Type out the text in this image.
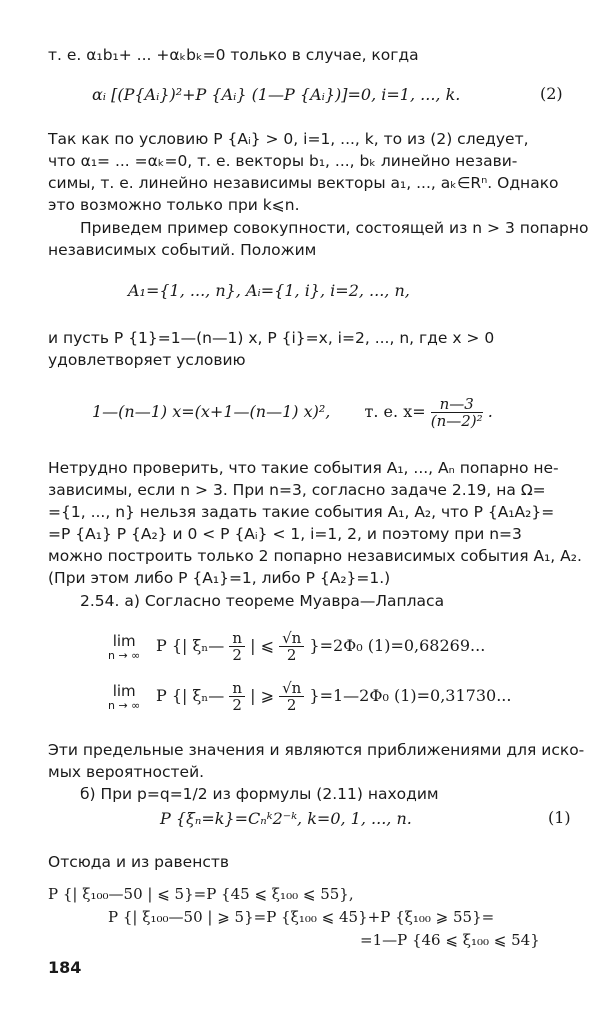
т. е. α₁b₁+ ... +αₖbₖ=0 только в случае, когда
αᵢ [(P{Aᵢ})²+P {Aᵢ} (1—P {Aᵢ})]=0, i=1, ..., k.	(2)
Так как по условию P {Aᵢ} > 0, i=1, ..., k, то из (2) следует,
что α₁= ... =αₖ=0, т. е. векторы b₁, ..., bₖ линейно незави-
симы, т. е. линейно независимы векторы a₁, ..., aₖ∈Rⁿ. Однако
это возможно только при k⩽n.
Приведем пример совокупности, состоящей из n > 3 попарно
независимых событий. Положим
A₁={1, ..., n}, Aᵢ={1, i}, i=2, ..., n,
и пусть P {1}=1—(n—1) x, P {i}=x, i=2, ..., n, где x > 0
удовлетворяет условию
1—(n—1) x=(x+1—(n—1) x)², т. е. $x= \frac{n—3}{\text{(n—2)²}}$ .
Нетрудно проверить, что такие события A₁, ..., Aₙ попарно не-
зависимы, если n > 3. При n=3, согласно задаче 2.19, на Ω=
={1, ..., n} нельзя задать такие события A₁, A₂, что P {A₁A₂}=
=P {A₁} P {A₂} и 0 < P {Aᵢ} < 1, i=1, 2, и поэтому при n=3
можно построить только 2 попарно независимых события A₁, A₂.
(При этом либо P {A₁}=1, либо P {A₂}=1.)
2.54. а) Согласно теореме Муавра—Лапласа
lim
n → ∞
P {| ξₙ— $\frac{n}{2}$ | ⩽ $\frac{√n}{2} \}=2\Phi_0$ (1)=0,68269...
lim
n → ∞
P {| ξₙ— $\frac{n}{2}$ | ⩾ $\frac{√n}{2}$ }=1—2Φ₀ (1)=0,31730...
Эти предельные значения и являются приближениями для иско-
мых вероятностей.
б) При p=q=1/2 из формулы (2.11) находим
P {ξₙ=k}=Cₙᵏ2⁻ᵏ, k=0, 1, ..., n.	(1)
Отсюда и из равенств
P {| ξ₁₀₀—50 | ⩽ 5}=P {45 ⩽ ξ₁₀₀ ⩽ 55},
P {| ξ₁₀₀—50 | ⩾ 5}=P {ξ₁₀₀ ⩽ 45}+P {ξ₁₀₀ ⩾ 55}=
=1—P {46 ⩽ ξ₁₀₀ ⩽ 54}
184
